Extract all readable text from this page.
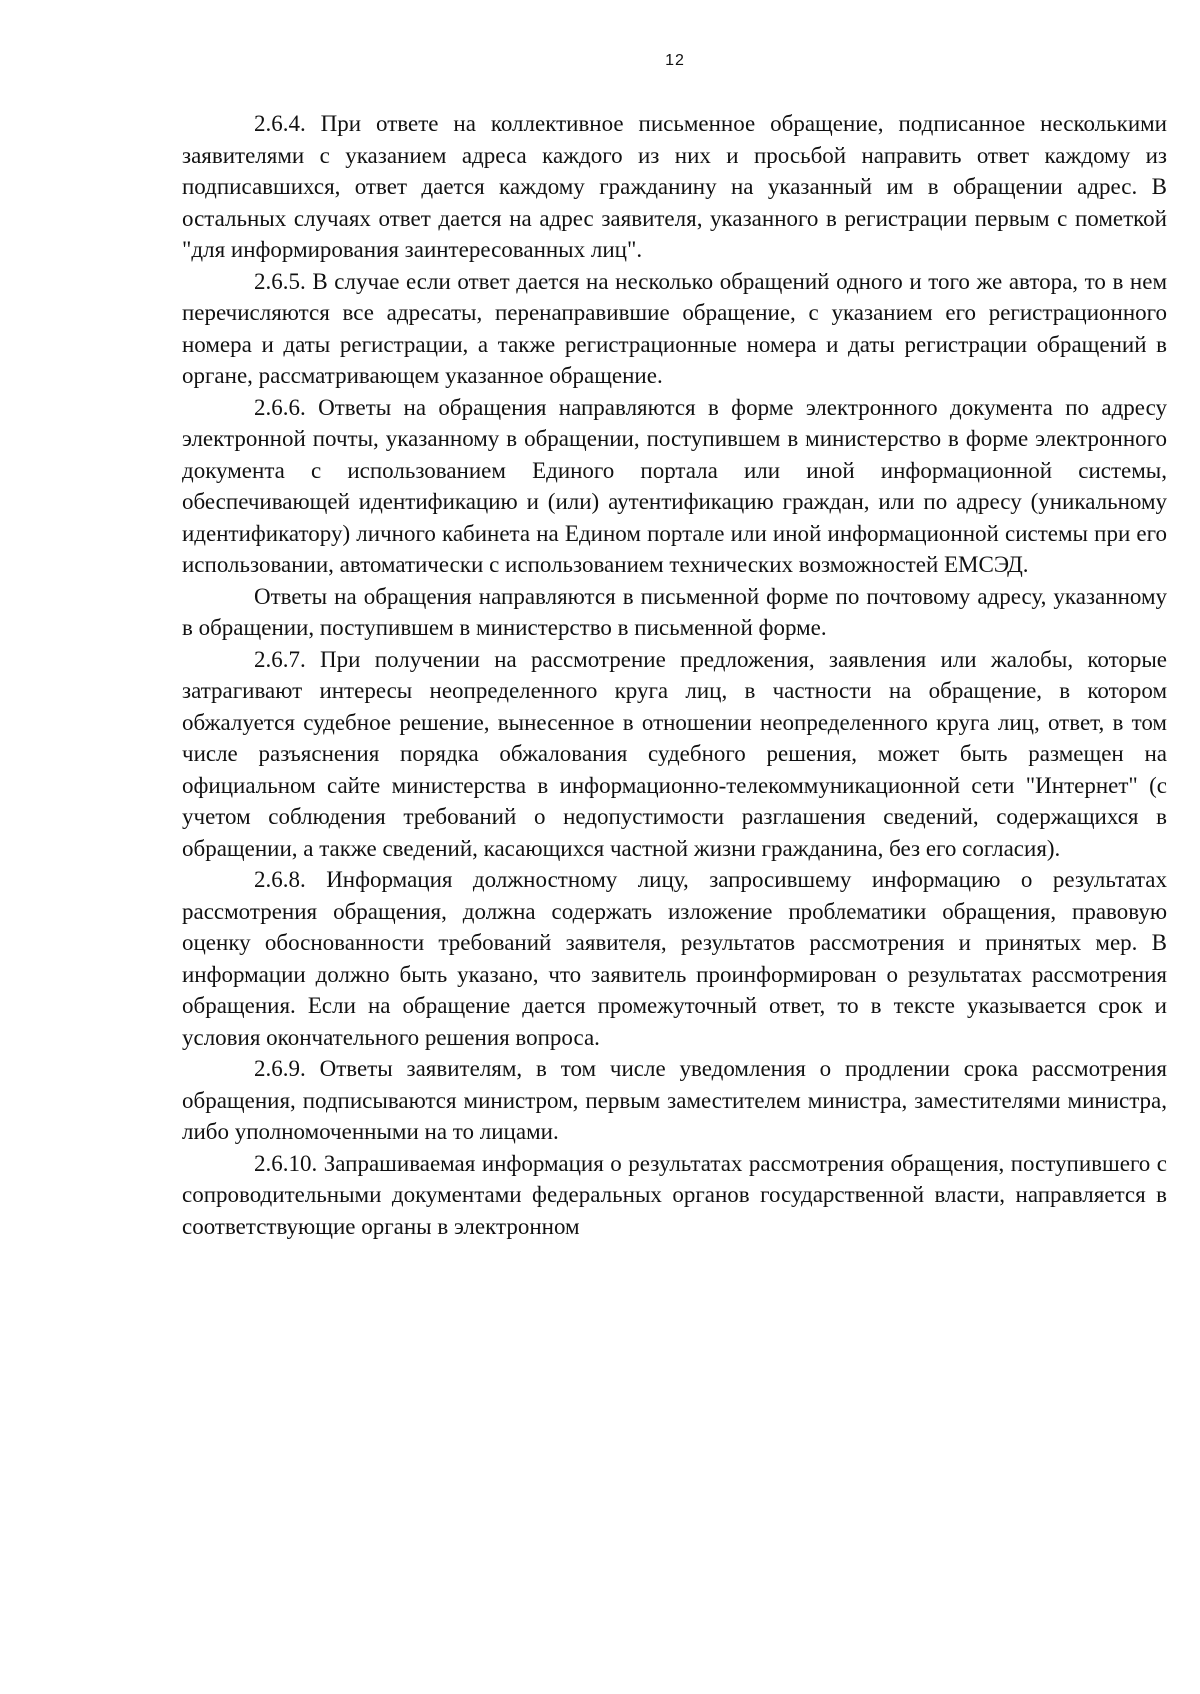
12

2.6.4. При ответе на коллективное письменное обращение, подписанное несколькими заявителями с указанием адреса каждого из них и просьбой направить ответ каждому из подписавшихся, ответ дается каждому гражданину на указанный им в обращении адрес. В остальных случаях ответ дается на адрес заявителя, указанного в регистрации первым с пометкой "для информирования заинтересованных лиц".

2.6.5. В случае если ответ дается на несколько обращений одного и того же автора, то в нем перечисляются все адресаты, перенаправившие обращение, с указанием его регистрационного номера и даты регистрации, а также регистрационные номера и даты регистрации обращений в органе, рассматривающем указанное обращение.

2.6.6. Ответы на обращения направляются в форме электронного документа по адресу электронной почты, указанному в обращении, поступившем в министерство в форме электронного документа с использованием Единого портала или иной информационной системы, обеспечивающей идентификацию и (или) аутентификацию граждан, или по адресу (уникальному идентификатору) личного кабинета на Едином портале или иной информационной системы при его использовании, автоматически с использованием технических возможностей ЕМСЭД.

Ответы на обращения направляются в письменной форме по почтовому адресу, указанному в обращении, поступившем в министерство в письменной форме.

2.6.7. При получении на рассмотрение предложения, заявления или жалобы, которые затрагивают интересы неопределенного круга лиц, в частности на обращение, в котором обжалуется судебное решение, вынесенное в отношении неопределенного круга лиц, ответ, в том числе разъяснения порядка обжалования судебного решения, может быть размещен на официальном сайте министерства в информационно-телекоммуникационной сети "Интернет" (с учетом соблюдения требований о недопустимости разглашения сведений, содержащихся в обращении, а также сведений, касающихся частной жизни гражданина, без его согласия).

2.6.8. Информация должностному лицу, запросившему информацию о результатах рассмотрения обращения, должна содержать изложение проблематики обращения, правовую оценку обоснованности требований заявителя, результатов рассмотрения и принятых мер. В информации должно быть указано, что заявитель проинформирован о результатах рассмотрения обращения. Если на обращение дается промежуточный ответ, то в тексте указывается срок и условия окончательного решения вопроса.

2.6.9. Ответы заявителям, в том числе уведомления о продлении срока рассмотрения обращения, подписываются министром, первым заместителем министра, заместителями министра, либо уполномоченными на то лицами.

2.6.10. Запрашиваемая информация о результатах рассмотрения обращения, поступившего с сопроводительными документами федеральных органов государственной власти, направляется в соответствующие органы в электронном
